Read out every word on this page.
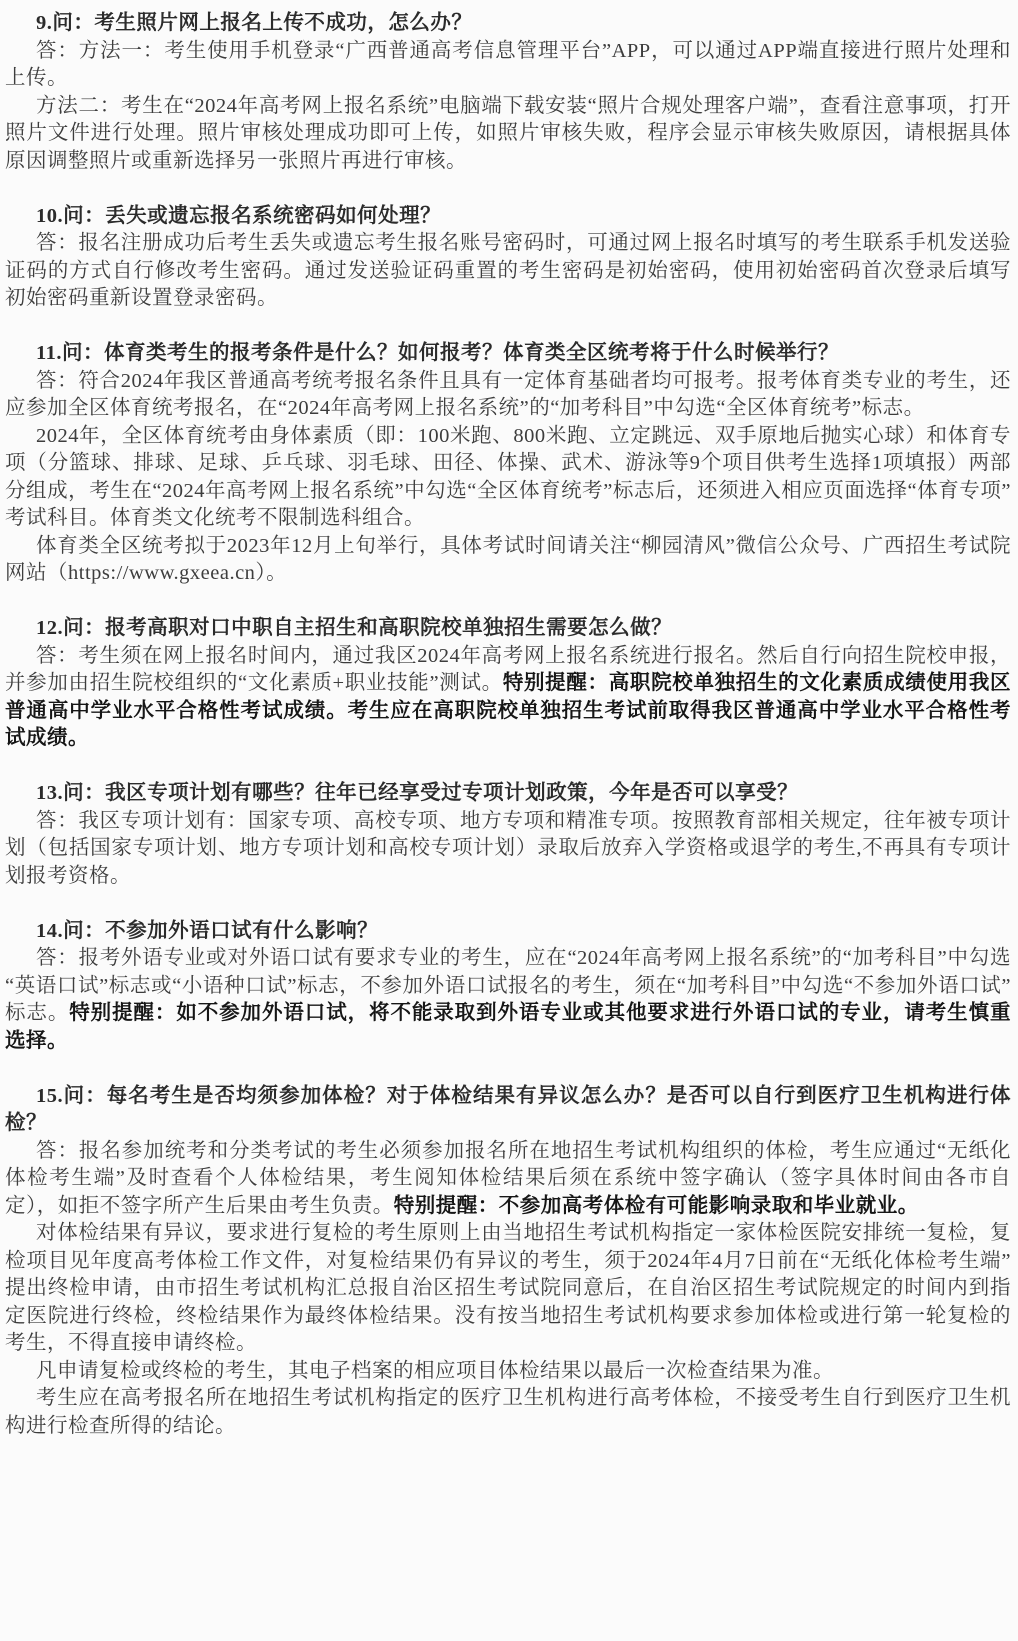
9.问：考生照片网上报名上传不成功，怎么办？

答：方法一：考生使用手机登录“广西普通高考信息管理平台”APP，可以通过APP端直接进行照片处理和上传。

方法二：考生在“2024年高考网上报名系统”电脑端下载安装“照片合规处理客户端”，查看注意事项，打开照片文件进行处理。照片审核处理成功即可上传，如照片审核失败，程序会显示审核失败原因，请根据具体原因调整照片或重新选择另一张照片再进行审核。

10.问：丢失或遗忘报名系统密码如何处理？

答：报名注册成功后考生丢失或遗忘考生报名账号密码时，可通过网上报名时填写的考生联系手机发送验证码的方式自行修改考生密码。通过发送验证码重置的考生密码是初始密码，使用初始密码首次登录后填写初始密码重新设置登录密码。

11.问：体育类考生的报考条件是什么？如何报考？体育类全区统考将于什么时候举行？

答：符合2024年我区普通高考统考报名条件且具有一定体育基础者均可报考。报考体育类专业的考生，还应参加全区体育统考报名，在“2024年高考网上报名系统”的“加考科目”中勾选“全区体育统考”标志。

2024年，全区体育统考由身体素质（即：100米跑、800米跑、立定跳远、双手原地后抛实心球）和体育专项（分篮球、排球、足球、乒乓球、羽毛球、田径、体操、武术、游泳等9个项目供考生选择1项填报）两部分组成，考生在“2024年高考网上报名系统”中勾选“全区体育统考”标志后，还须进入相应页面选择“体育专项”考试科目。体育类文化统考不限制选科组合。

体育类全区统考拟于2023年12月上旬举行，具体考试时间请关注“柳园清风”微信公众号、广西招生考试院网站（https://www.gxeea.cn）。

12.问：报考高职对口中职自主招生和高职院校单独招生需要怎么做？

答：考生须在网上报名时间内，通过我区2024年高考网上报名系统进行报名。然后自行向招生院校申报，并参加由招生院校组织的“文化素质+职业技能”测试。特别提醒：高职院校单独招生的文化素质成绩使用我区普通高中学业水平合格性考试成绩。考生应在高职院校单独招生考试前取得我区普通高中学业水平合格性考试成绩。

13.问：我区专项计划有哪些？往年已经享受过专项计划政策，今年是否可以享受？

答：我区专项计划有：国家专项、高校专项、地方专项和精准专项。按照教育部相关规定，往年被专项计划（包括国家专项计划、地方专项计划和高校专项计划）录取后放弃入学资格或退学的考生,不再具有专项计划报考资格。

14.问：不参加外语口试有什么影响？

答：报考外语专业或对外语口试有要求专业的考生，应在“2024年高考网上报名系统”的“加考科目”中勾选“英语口试”标志或“小语种口试”标志，不参加外语口试报名的考生，须在“加考科目”中勾选“不参加外语口试”标志。特别提醒：如不参加外语口试，将不能录取到外语专业或其他要求进行外语口试的专业，请考生慎重选择。

15.问：每名考生是否均须参加体检？对于体检结果有异议怎么办？是否可以自行到医疗卫生机构进行体检？

答：报名参加统考和分类考试的考生必须参加报名所在地招生考试机构组织的体检，考生应通过“无纸化体检考生端”及时查看个人体检结果，考生阅知体检结果后须在系统中签字确认（签字具体时间由各市自定），如拒不签字所产生后果由考生负责。特别提醒：不参加高考体检有可能影响录取和毕业就业。

对体检结果有异议，要求进行复检的考生原则上由当地招生考试机构指定一家体检医院安排统一复检，复检项目见年度高考体检工作文件，对复检结果仍有异议的考生，须于2024年4月7日前在“无纸化体检考生端”提出终检申请，由市招生考试机构汇总报自治区招生考试院同意后，在自治区招生考试院规定的时间内到指定医院进行终检，终检结果作为最终体检结果。没有按当地招生考试机构要求参加体检或进行第一轮复检的考生，不得直接申请终检。

凡申请复检或终检的考生，其电子档案的相应项目体检结果以最后一次检查结果为准。

考生应在高考报名所在地招生考试机构指定的医疗卫生机构进行高考体检，不接受考生自行到医疗卫生机构进行检查所得的结论。
